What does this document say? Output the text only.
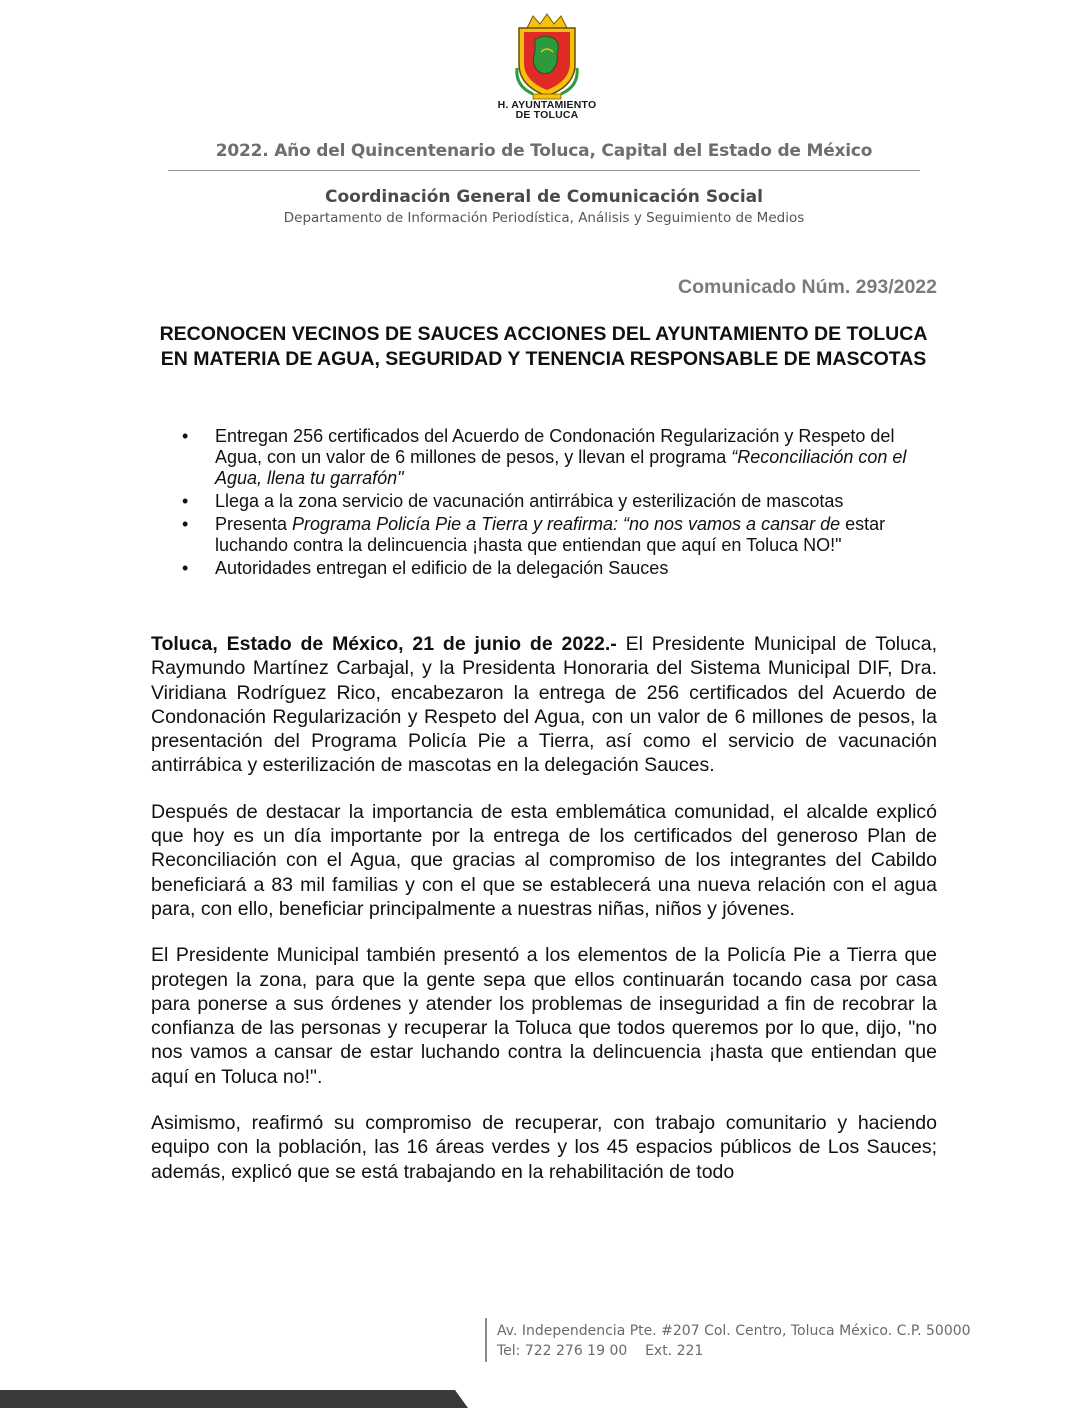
H. AYUNTAMIENTO
DE TOLUCA
2022. Año del Quincentenario de Toluca, Capital del Estado de México
Coordinación General de Comunicación Social
Departamento de Información Periodística, Análisis y Seguimiento de Medios
Comunicado Núm. 293/2022
RECONOCEN VECINOS DE SAUCES ACCIONES DEL AYUNTAMIENTO DE TOLUCA EN MATERIA DE AGUA, SEGURIDAD Y TENENCIA RESPONSABLE DE MASCOTAS
• Entregan 256 certificados del Acuerdo de Condonación Regularización y Respeto del Agua, con un valor de 6 millones de pesos, y llevan el programa “Reconciliación con el Agua, llena tu garrafón"
• Llega a la zona servicio de vacunación antirrábica y esterilización de mascotas
• Presenta Programa Policía Pie a Tierra y reafirma: “no nos vamos a cansar de estar luchando contra la delincuencia ¡hasta que entiendan que aquí en Toluca NO!"
• Autoridades entregan el edificio de la delegación Sauces

Toluca, Estado de México, 21 de junio de 2022.- El Presidente Municipal de Toluca, Raymundo Martínez Carbajal, y la Presidenta Honoraria del Sistema Municipal DIF, Dra. Viridiana Rodríguez Rico, encabezaron la entrega de 256 certificados del Acuerdo de Condonación Regularización y Respeto del Agua, con un valor de 6 millones de pesos, la presentación del Programa Policía Pie a Tierra, así como el servicio de vacunación antirrábica y esterilización de mascotas en la delegación Sauces.

Después de destacar la importancia de esta emblemática comunidad, el alcalde explicó que hoy es un día importante por la entrega de los certificados del generoso Plan de Reconciliación con el Agua, que gracias al compromiso de los integrantes del Cabildo beneficiará a 83 mil familias y con el que se establecerá una nueva relación con el agua para, con ello, beneficiar principalmente a nuestras niñas, niños y jóvenes.

El Presidente Municipal también presentó a los elementos de la Policía Pie a Tierra que protegen la zona, para que la gente sepa que ellos continuarán tocando casa por casa para ponerse a sus órdenes y atender los problemas de inseguridad a fin de recobrar la confianza de las personas y recuperar la Toluca que todos queremos por lo que, dijo, "no nos vamos a cansar de estar luchando contra la delincuencia ¡hasta que entiendan que aquí en Toluca no!".

Asimismo, reafirmó su compromiso de recuperar, con trabajo comunitario y haciendo equipo con la población, las 16 áreas verdes y los 45 espacios públicos de Los Sauces; además, explicó que se está trabajando en la rehabilitación de todo

Av. Independencia Pte. #207 Col. Centro, Toluca México. C.P. 50000
Tel: 722 276 19 00    Ext. 221
